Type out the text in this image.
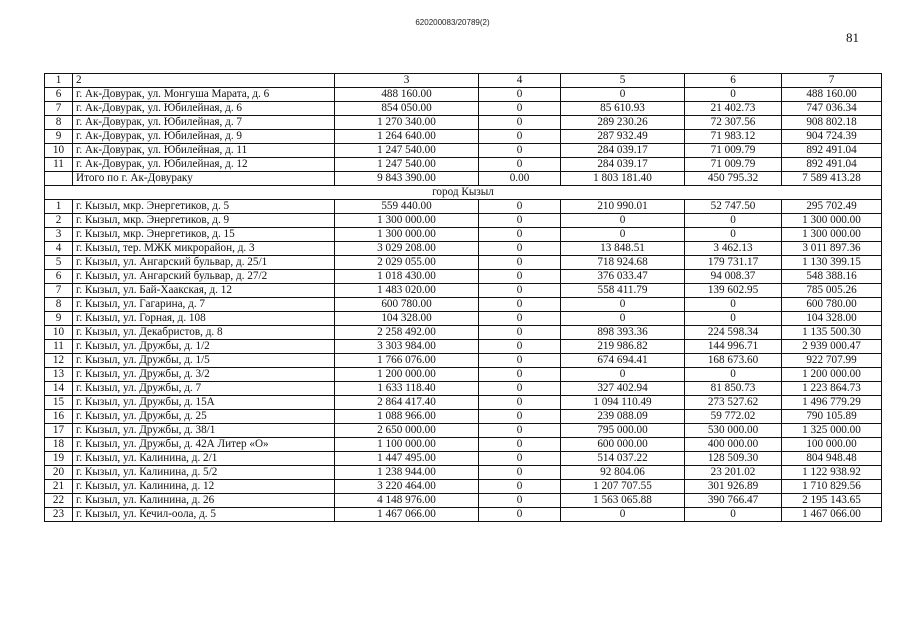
620200083/20789(2)
81
1	2	3	4	5	6	7
6	г. Ак-Довурак, ул. Монгуша Марата, д. 6	488 160.00	0	0	0	488 160.00
7	г. Ак-Довурак, ул. Юбилейная, д. 6	854 050.00	0	85 610.93	21 402.73	747 036.34
8	г. Ак-Довурак, ул. Юбилейная, д. 7	1 270 340.00	0	289 230.26	72 307.56	908 802.18
9	г. Ак-Довурак, ул. Юбилейная, д. 9	1 264 640.00	0	287 932.49	71 983.12	904 724.39
10	г. Ак-Довурак, ул. Юбилейная, д. 11	1 247 540.00	0	284 039.17	71 009.79	892 491.04
11	г. Ак-Довурак, ул. Юбилейная, д. 12	1 247 540.00	0	284 039.17	71 009.79	892 491.04
	Итого по г. Ак-Довураку	9 843 390.00	0.00	1 803 181.40	450 795.32	7 589 413.28
город Кызыл						
1	г. Кызыл, мкр. Энергетиков, д. 5	559 440.00	0	210 990.01	52 747.50	295 702.49
2	г. Кызыл, мкр. Энергетиков, д. 9	1 300 000.00	0	0	0	1 300 000.00
3	г. Кызыл, мкр. Энергетиков, д. 15	1 300 000.00	0	0	0	1 300 000.00
4	г. Кызыл, тер. МЖК микрорайон, д. 3	3 029 208.00	0	13 848.51	3 462.13	3 011 897.36
5	г. Кызыл, ул. Ангарский бульвар, д. 25/1	2 029 055.00	0	718 924.68	179 731.17	1 130 399.15
6	г. Кызыл, ул. Ангарский бульвар, д. 27/2	1 018 430.00	0	376 033.47	94 008.37	548 388.16
7	г. Кызыл, ул. Бай-Хаакская, д. 12	1 483 020.00	0	558 411.79	139 602.95	785 005.26
8	г. Кызыл, ул. Гагарина, д. 7	600 780.00	0	0	0	600 780.00
9	г. Кызыл, ул. Горная, д. 108	104 328.00	0	0	0	104 328.00
10	г. Кызыл, ул. Декабристов, д. 8	2 258 492.00	0	898 393.36	224 598.34	1 135 500.30
11	г. Кызыл, ул. Дружбы, д. 1/2	3 303 984.00	0	219 986.82	144 996.71	2 939 000.47
12	г. Кызыл, ул. Дружбы, д. 1/5	1 766 076.00	0	674 694.41	168 673.60	922 707.99
13	г. Кызыл, ул. Дружбы, д. 3/2	1 200 000.00	0	0	0	1 200 000.00
14	г. Кызыл, ул. Дружбы, д. 7	1 633 118.40	0	327 402.94	81 850.73	1 223 864.73
15	г. Кызыл, ул. Дружбы, д. 15А	2 864 417.40	0	1 094 110.49	273 527.62	1 496 779.29
16	г. Кызыл, ул. Дружбы, д. 25	1 088 966.00	0	239 088.09	59 772.02	790 105.89
17	г. Кызыл, ул. Дружбы, д. 38/1	2 650 000.00	0	795 000.00	530 000.00	1 325 000.00
18	г. Кызыл, ул. Дружбы, д. 42А Литер «О»	1 100 000.00	0	600 000.00	400 000.00	100 000.00
19	г. Кызыл, ул. Калинина, д. 2/1	1 447 495.00	0	514 037.22	128 509.30	804 948.48
20	г. Кызыл, ул. Калинина, д. 5/2	1 238 944.00	0	92 804.06	23 201.02	1 122 938.92
21	г. Кызыл, ул. Калинина, д. 12	3 220 464.00	0	1 207 707.55	301 926.89	1 710 829.56
22	г. Кызыл, ул. Калинина, д. 26	4 148 976.00	0	1 563 065.88	390 766.47	2 195 143.65
23	г. Кызыл, ул. Кечил-оола, д. 5	1 467 066.00	0	0	0	1 467 066.00
